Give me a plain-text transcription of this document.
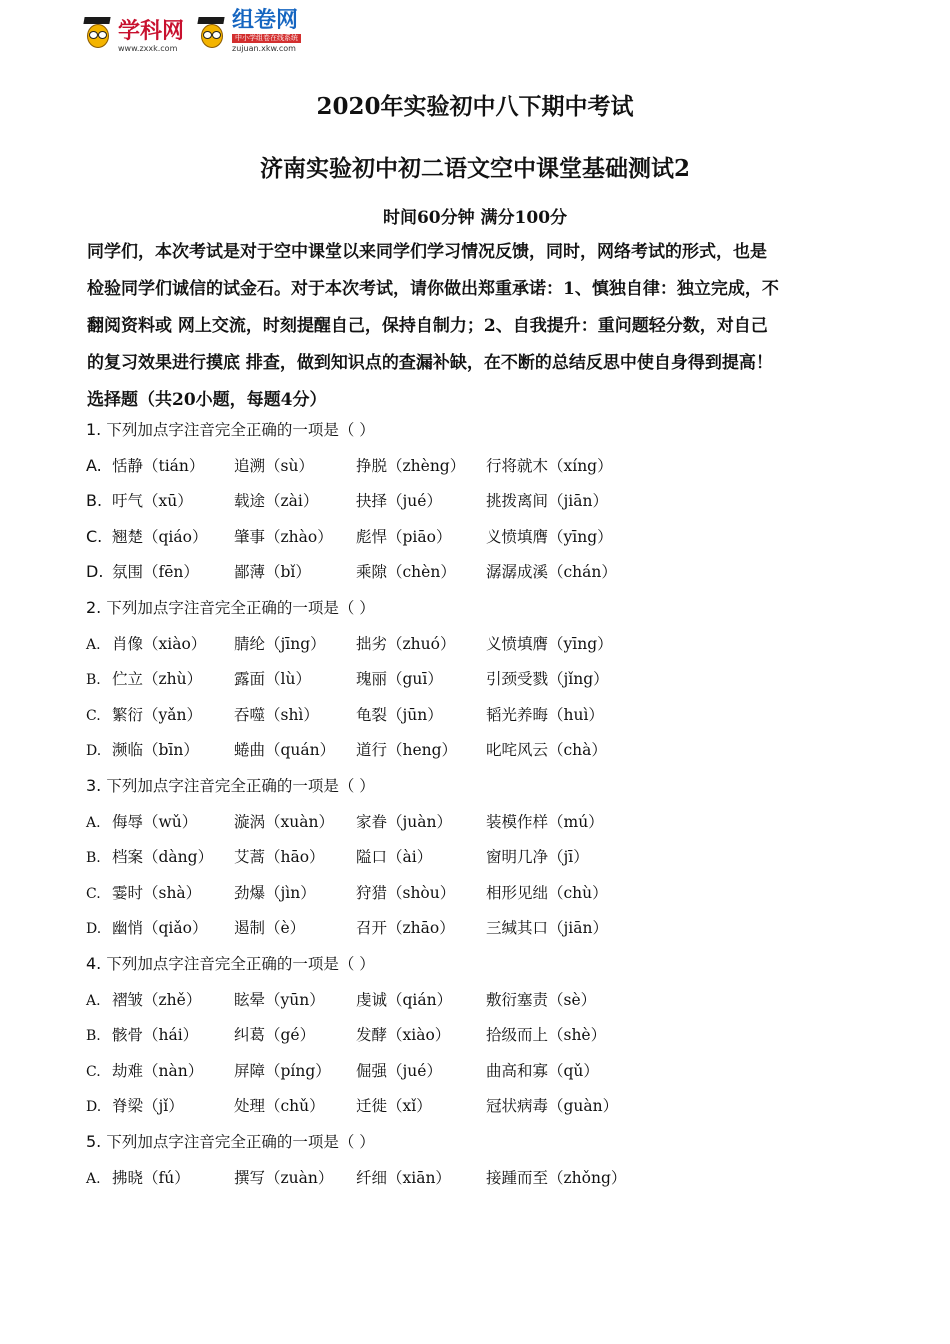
学科网
www.zxxk.com
组卷网
中小学组卷在线系统
zujuan.xkw.com
2020年实验初中八下期中考试
济南实验初中初二语文空中课堂基础测试2
时间60分钟 满分100分

同学们，本次考试是对于空中课堂以来同学们学习情况反馈，同时，网络考试的形式，也是

检验同学们诚信的试金石。对于本次考试，请你做出郑重承诺：1、慎独自律：独立完成，不

翻阅资料或 网上交流，时刻提醒自己，保持自制力；2、自我提升：重问题轻分数，对自己

的复习效果进行摸底 排查，做到知识点的查漏补缺，在不断的总结反思中使自身得到提高！

选择题（共20小题，每题4分）
1. 下列加点字注音完全正确的一项是（ ）
A. 恬静（tián） 追溯（sù）	挣脱（zhèng） 行将就木（xíng）
B. 吁气（xū）	载途（zài） 抉择（jué）	挑拨离间（jiān）
C. 翘楚（qiáo） 肇事（zhào） 彪悍（piāo） 义愤填膺（yīng）
D. 氛围（fēn） 鄙薄（bǐ）	乘隙（chèn） 潺潺成溪（chán）
2. 下列加点字注音完全正确的一项是（ ）
A. 肖像（xiào） 腈纶（jīng） 拙劣（zhuó） 义愤填膺（yīng）
B. 伫立（zhù） 露面（lù）	瑰丽（guī）	引颈受戮（jǐng）
C. 繁衍（yǎn） 吞噬（shì） 龟裂（jūn）	韬光养晦（huì）
D. 濒临（bīn） 蜷曲（quán） 道行（heng） 叱咤风云（chà）
3. 下列加点字注音完全正确的一项是（ ）
A. 侮辱（wǔ） 漩涡（xuàn） 家眷（juàn） 装模作样（mú）
B. 档案（dàng） 艾蒿（hāo） 隘口（ài）	窗明几净（jī）
C. 霎时（shà） 劲爆（jìn）	狩猎（shòu） 相形见绌（chù）
D. 幽悄（qiǎo） 遏制（è）	召开（zhāo） 三缄其口（jiān）
4. 下列加点字注音完全正确的一项是（ ）
A. 褶皱（zhě） 眩晕（yūn） 虔诚（qián） 敷衍塞责（sè）
B. 骸骨（hái） 纠葛（gé）	发酵（xiào） 拾级而上（shè）
C. 劫难（nàn） 屏障（píng） 倔强（jué）	曲高和寡（qǔ）
D. 脊梁（jǐ）	处理（chǔ） 迁徙（xǐ）	冠状病毒（guàn）
5. 下列加点字注音完全正确的一项是（ ）
A. 拂晓（fú）	撰写（zuàn） 纤细（xiān） 接踵而至（zhǒng）
